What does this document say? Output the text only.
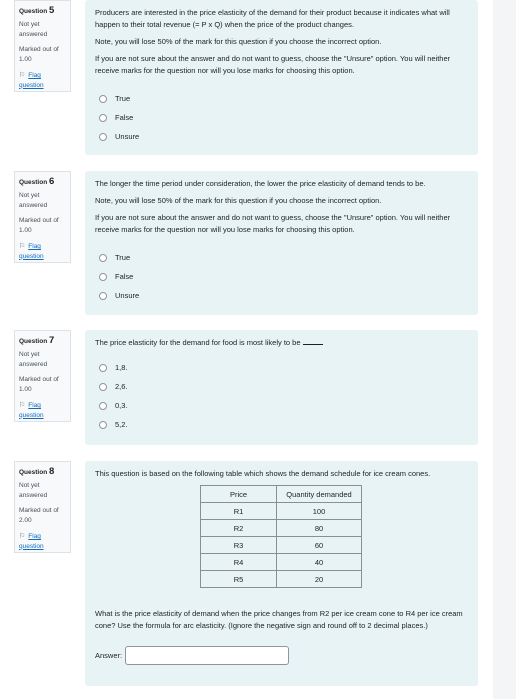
Question 5
Not yet answered
Marked out of 1.00
⚐ Flag question

Producers are interested in the price elasticity of the demand for their product because it indicates what will happen to their total revenue (= P x Q) when the price of the product changes.

Note, you will lose 50% of the mark for this question if you choose the incorrect option.

If you are not sure about the answer and do not want to guess, choose the "Unsure" option. You will neither receive marks for the question nor will you lose marks for choosing this option.

True
False
Unsure
Question 6
Not yet answered
Marked out of 1.00
⚐ Flag question

The longer the time period under consideration, the lower the price elasticity of demand tends to be.

Note, you will lose 50% of the mark for this question if you choose the incorrect option.

If you are not sure about the answer and do not want to guess, choose the "Unsure" option. You will neither receive marks for the question nor will you lose marks for choosing this option.

True
False
Unsure
Question 7
Not yet answered
Marked out of 1.00
⚐ Flag question

The price elasticity for the demand for food is most likely to be

1,8.
2,6.
0,3.
5,2.
Question 8
Not yet answered
Marked out of 2.00
⚐ Flag question

This question is based on the following table which shows the demand schedule for ice cream cones.

Price	Quantity demanded
R1	100
R2	80
R3	60
R4	40
R5	20

What is the price elasticity of demand when the price changes from R2 per ice cream cone to R4 per ice cream cone? Use the formula for arc elasticity. (Ignore the negative sign and round off to 2 decimal places.)

Answer:
